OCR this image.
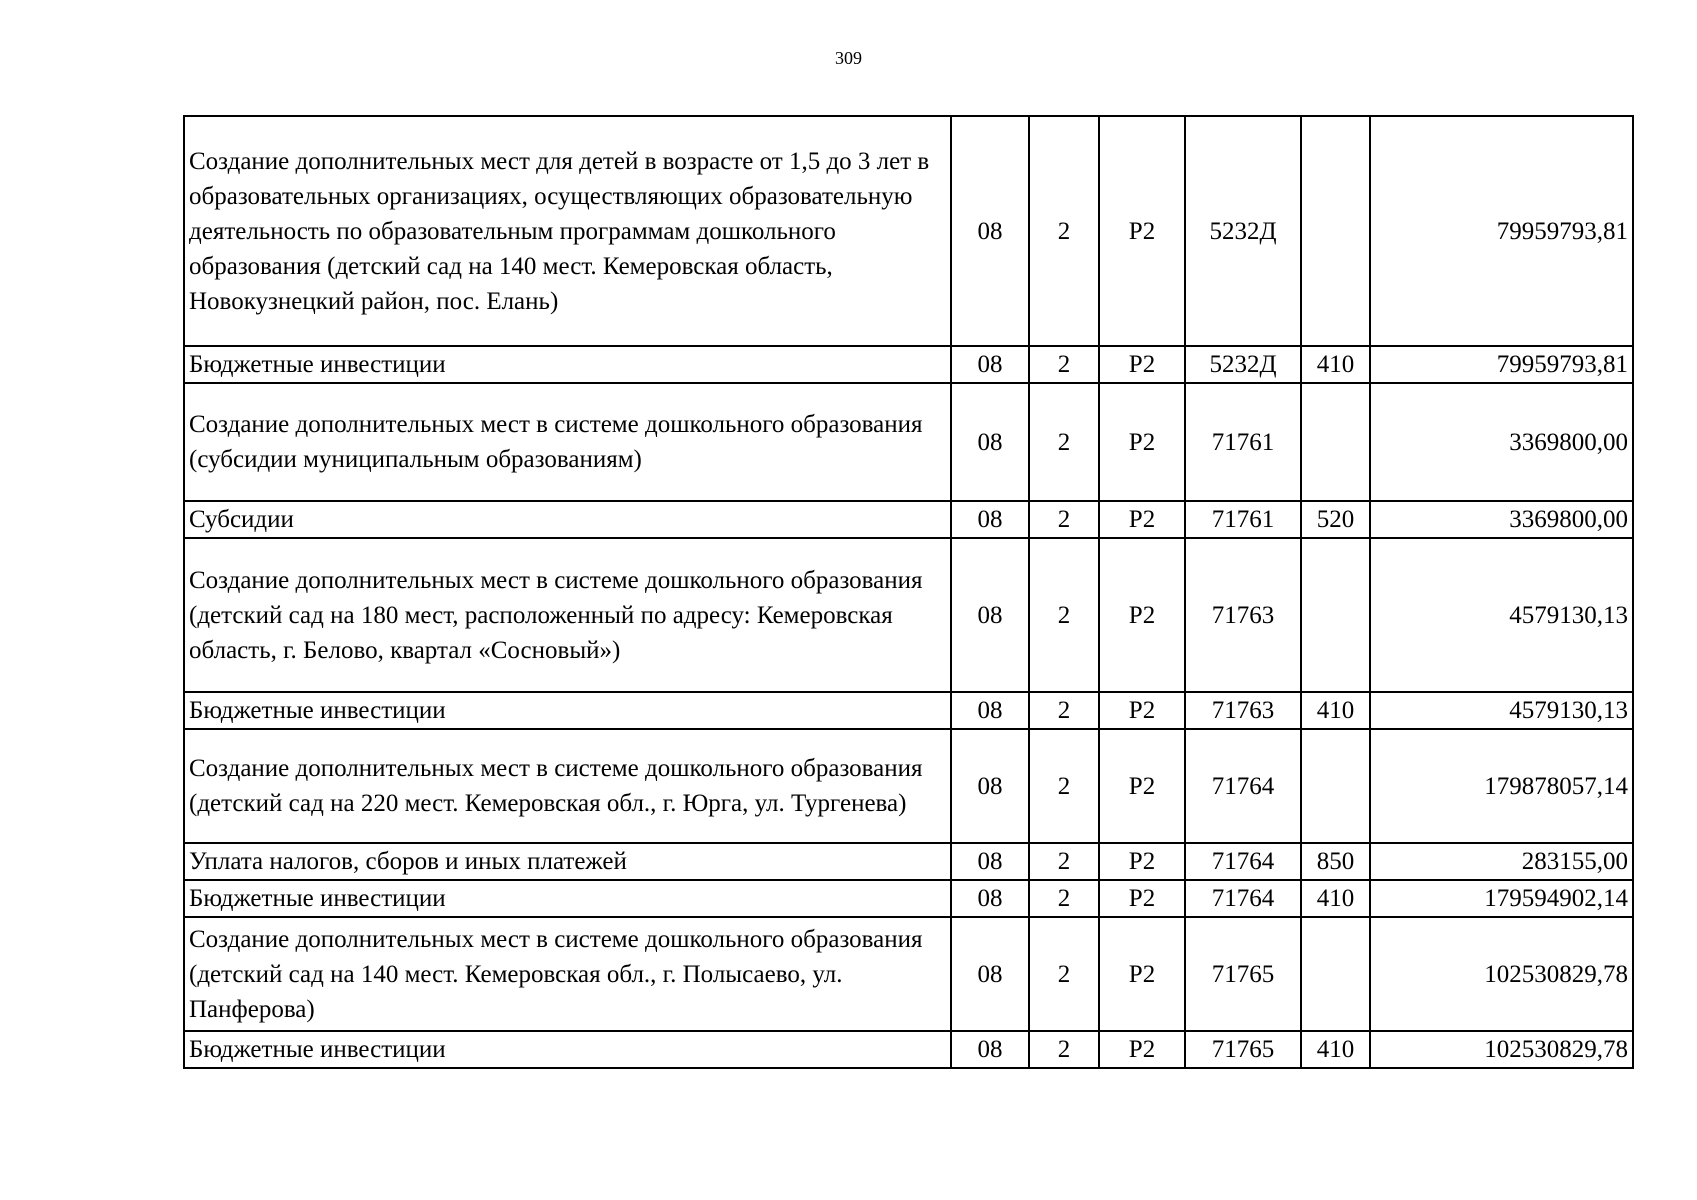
309
Создание дополнительных мест для детей в возрасте от 1,5 до 3 лет в образовательных организациях, осуществляющих образовательную деятельность по образовательным программам дошкольного образования (детский сад на 140 мест. Кемеровская область, Новокузнецкий район, пос. Елань)	08	2	P2	5232Д		79959793,81
Бюджетные инвестиции	08	2	P2	5232Д	410	79959793,81
Создание дополнительных мест в системе дошкольного образования (субсидии муниципальным образованиям)	08	2	P2	71761		3369800,00
Субсидии	08	2	P2	71761	520	3369800,00
Создание дополнительных мест в системе дошкольного образования (детский сад на 180 мест, расположенный по адресу: Кемеровская область, г. Белово, квартал «Сосновый»)	08	2	P2	71763		4579130,13
Бюджетные инвестиции	08	2	P2	71763	410	4579130,13
Создание дополнительных мест в системе дошкольного образования (детский сад на 220 мест. Кемеровская обл., г. Юрга, ул. Тургенева)	08	2	P2	71764		179878057,14
Уплата налогов, сборов и иных платежей	08	2	P2	71764	850	283155,00
Бюджетные инвестиции	08	2	P2	71764	410	179594902,14
Создание дополнительных мест в системе дошкольного образования (детский сад на 140 мест. Кемеровская обл., г. Полысаево, ул. Панферова)	08	2	P2	71765		102530829,78
Бюджетные инвестиции	08	2	P2	71765	410	102530829,78
